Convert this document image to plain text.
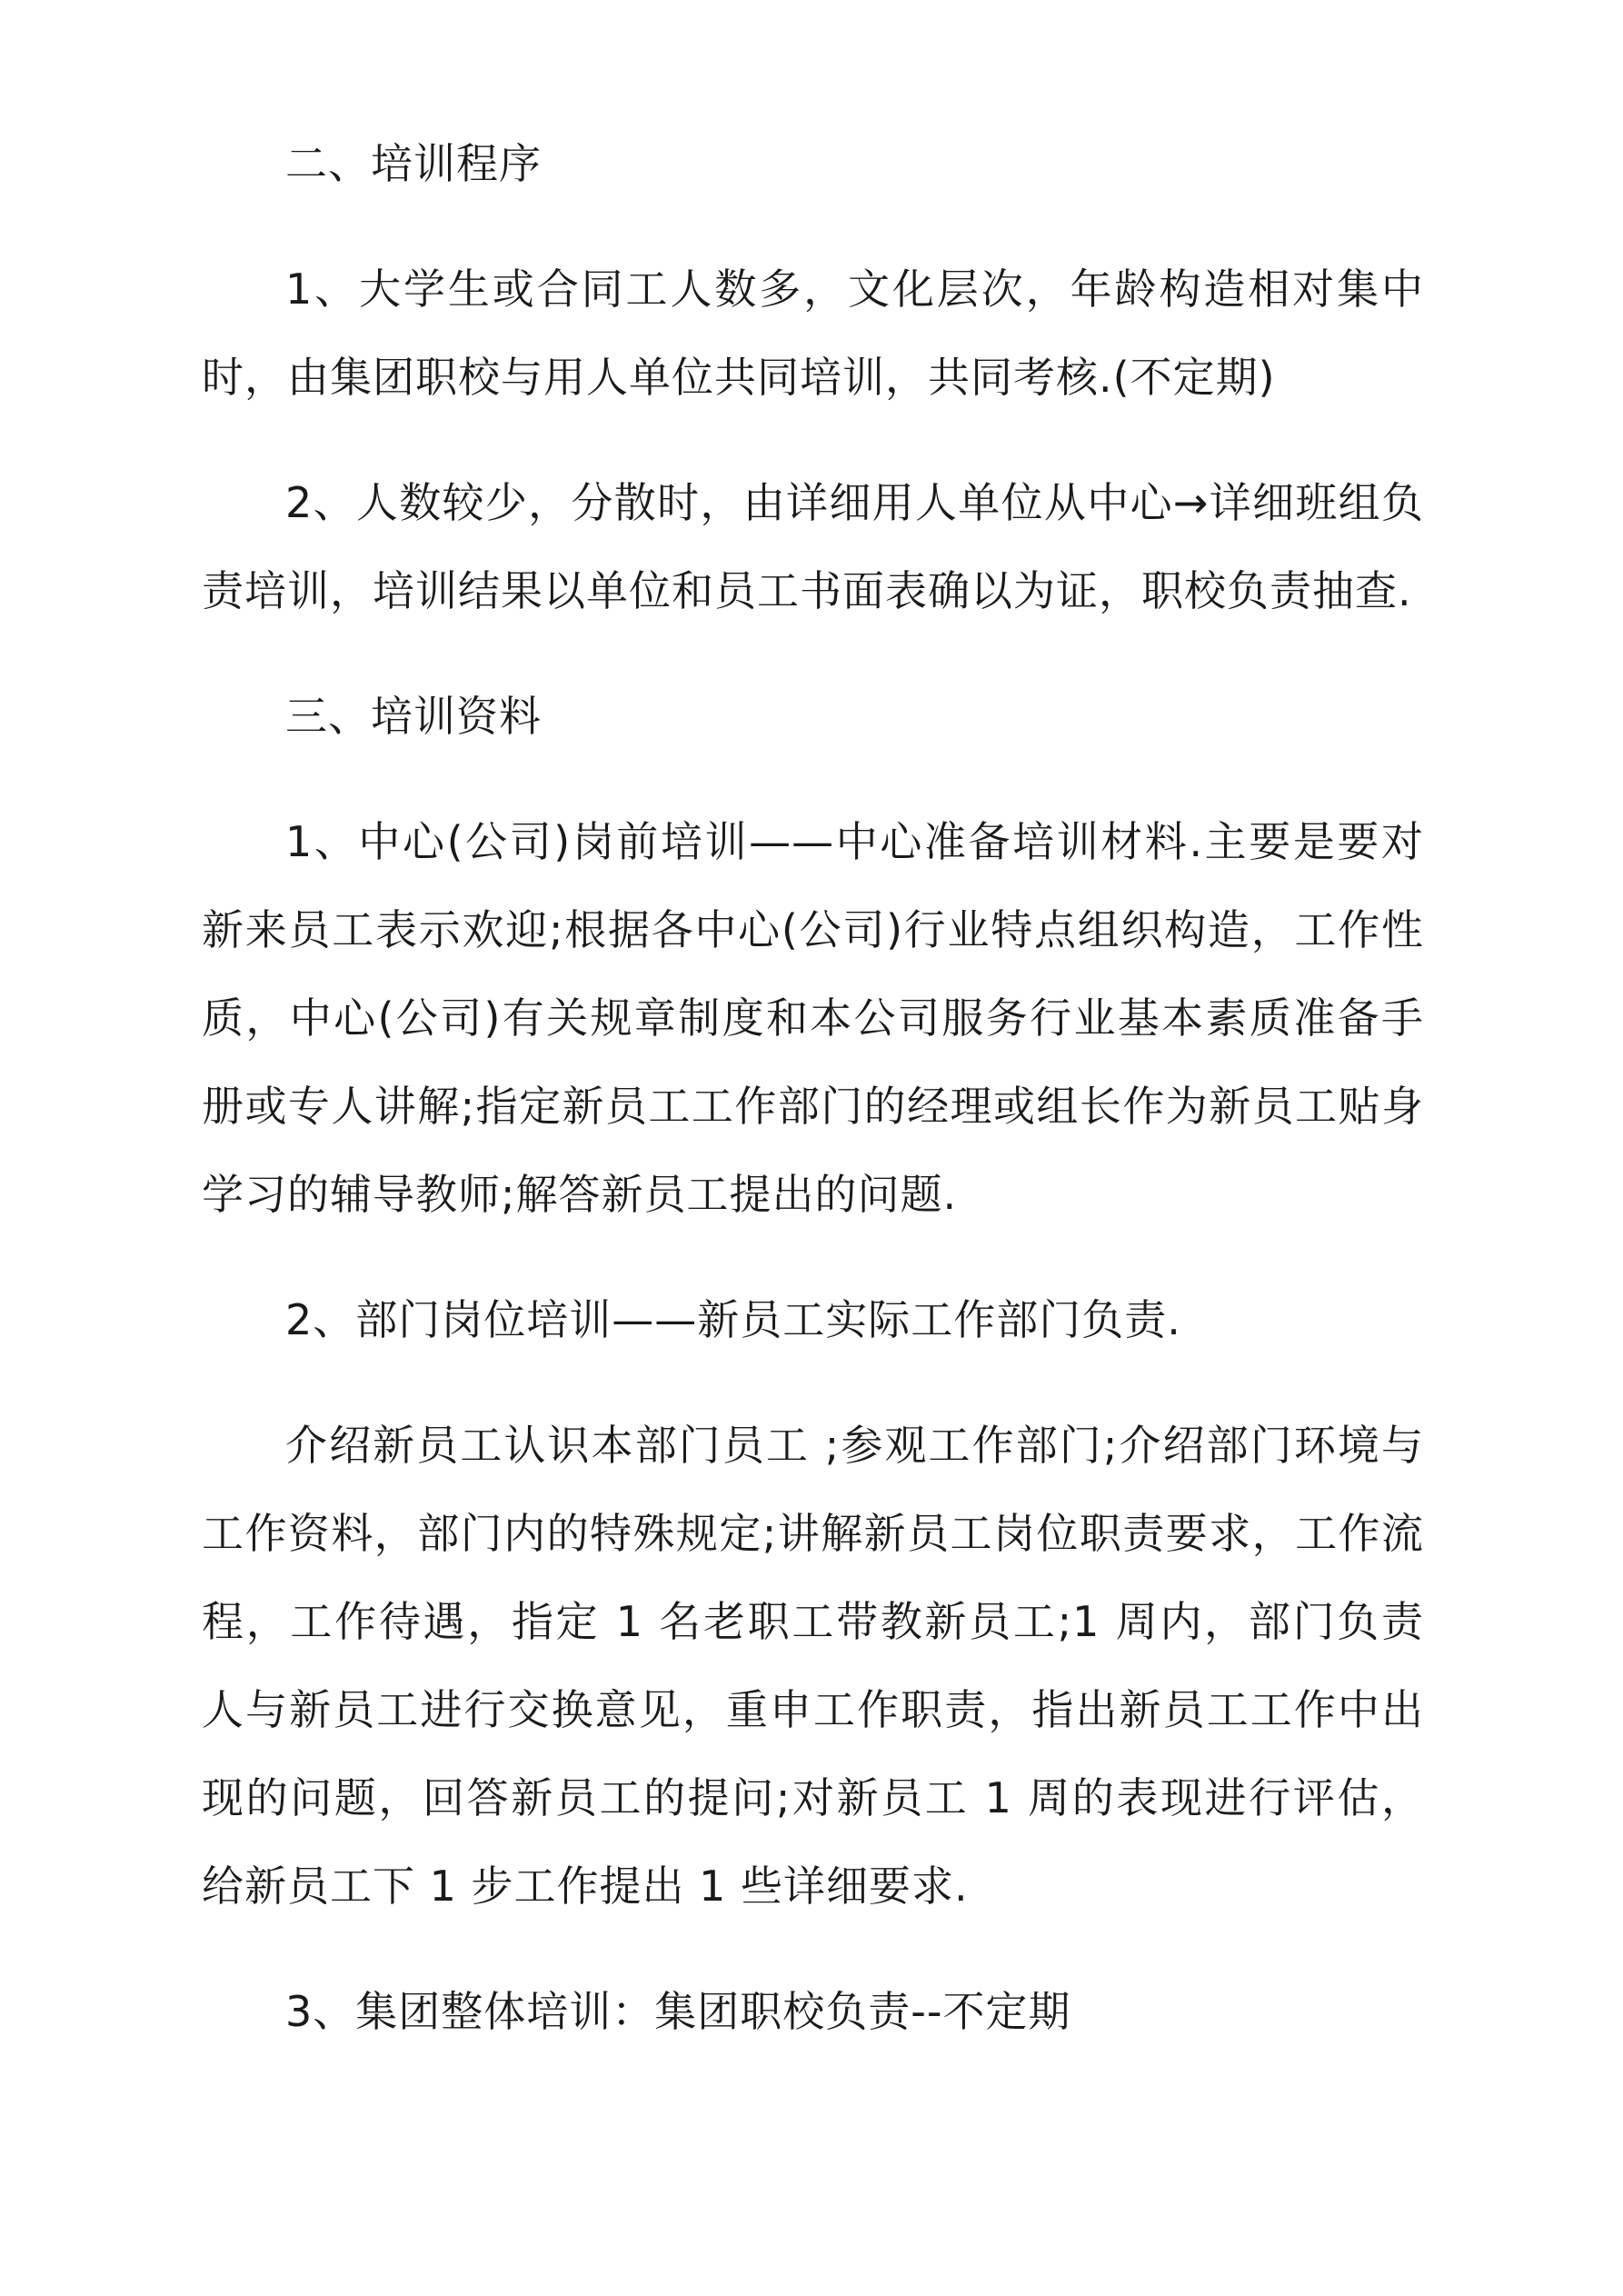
二、培训程序

1、大学生或合同工人数多，文化层次，年龄构造相对集中时，由集团职校与用人单位共同培训，共同考核.(不定期)

2、人数较少，分散时，由详细用人单位从中心→详细班组负责培训，培训结果以单位和员工书面表确以为证，职校负责抽查.

三、培训资料

1、中心(公司)岗前培训——中心准备培训材料.主要是要对新来员工表示欢迎;根据各中心(公司)行业特点组织构造，工作性质，中心(公司)有关规章制度和本公司服务行业基本素质准备手册或专人讲解;指定新员工工作部门的经理或组长作为新员工贴身学习的辅导教师;解答新员工提出的问题.

2、部门岗位培训——新员工实际工作部门负责.

介绍新员工认识本部门员工 ;参观工作部门;介绍部门环境与工作资料，部门内的特殊规定;讲解新员工岗位职责要求，工作流程，工作待遇，指定 1 名老职工带教新员工;1 周内，部门负责人与新员工进行交换意见，重申工作职责，指出新员工工作中出现的问题，回答新员工的提问;对新员工 1 周的表现进行评估，给新员工下 1 步工作提出 1 些详细要求.

3、集团整体培训：集团职校负责--不定期
